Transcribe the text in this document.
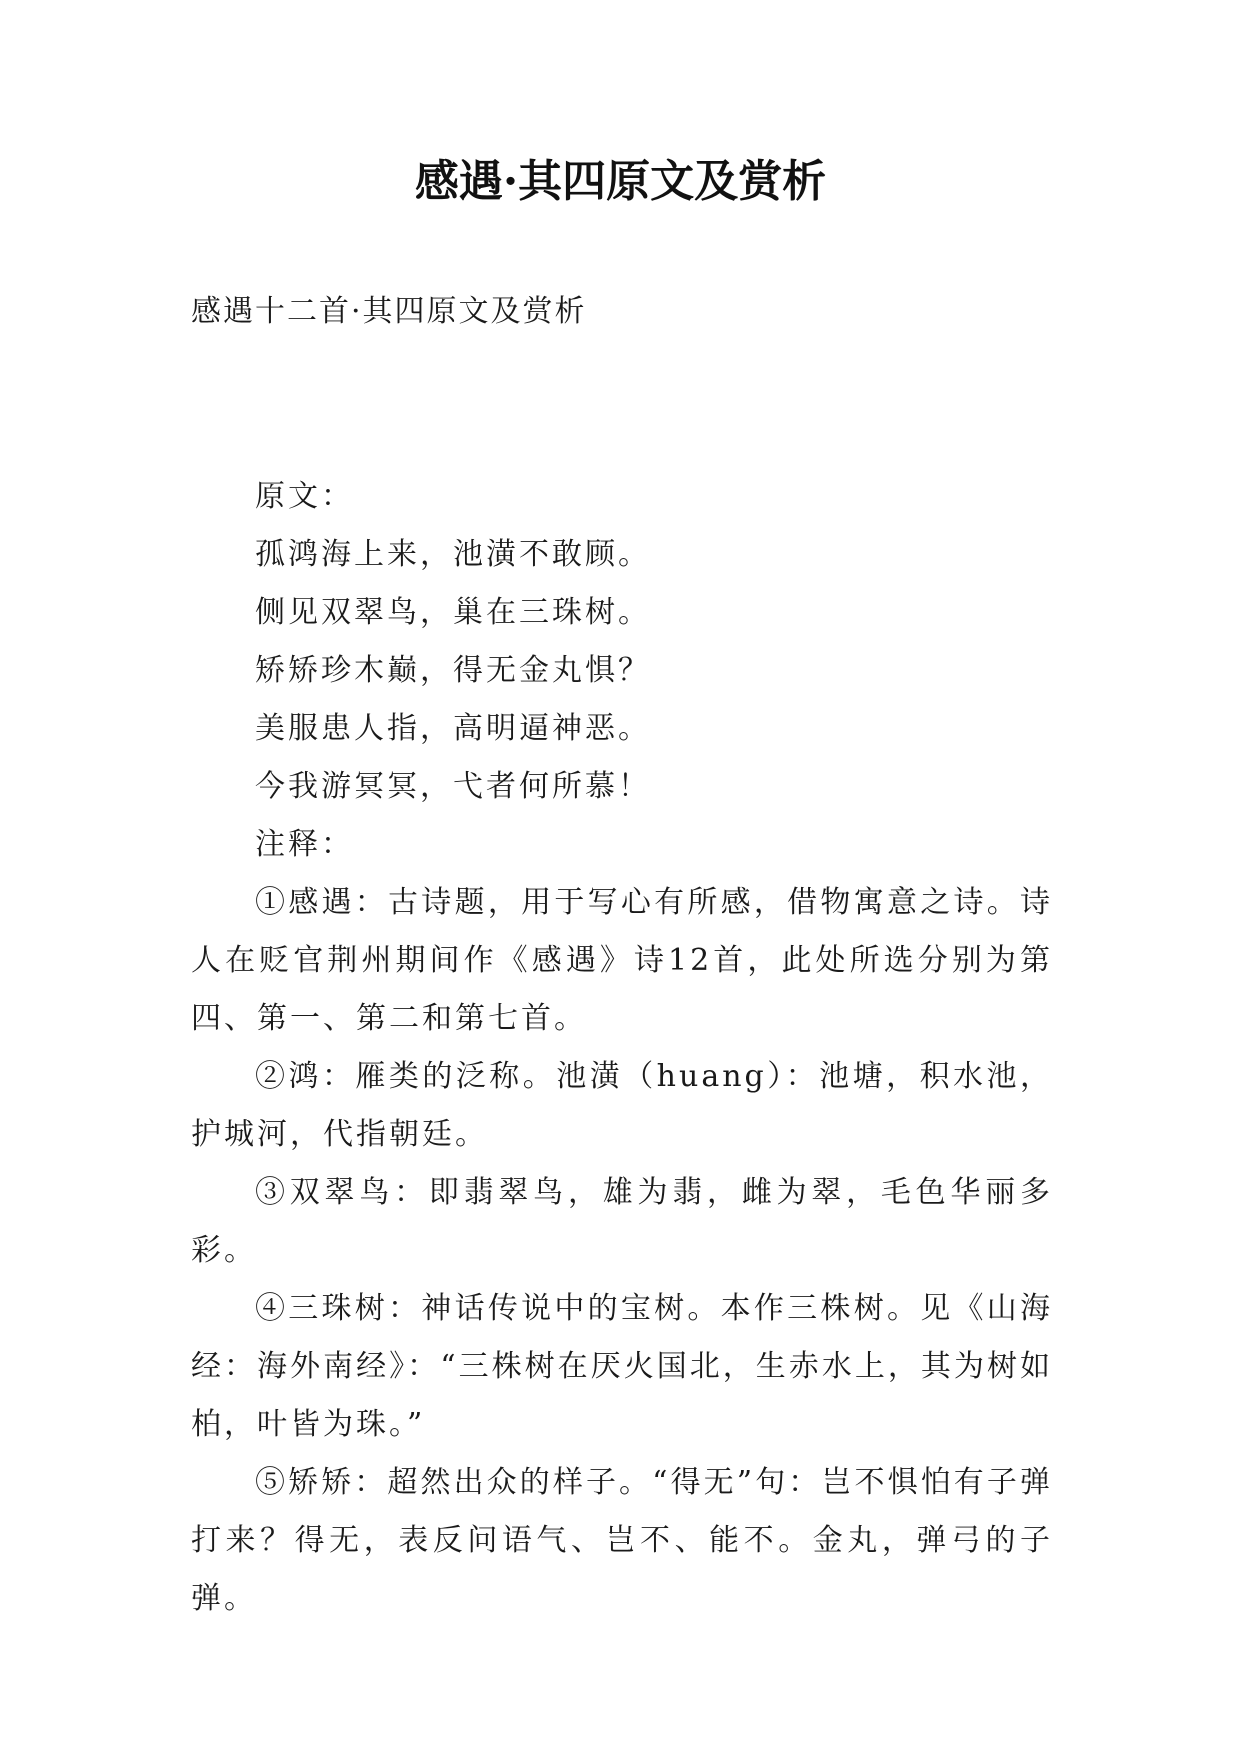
感遇·其四原文及赏析
感遇十二首·其四原文及赏析

原文：

孤鸿海上来，池潢不敢顾。

侧见双翠鸟，巢在三珠树。

矫矫珍木巅，得无金丸惧？

美服患人指，高明逼神恶。

今我游冥冥，弋者何所慕！

注释：

①感遇：古诗题，用于写心有所感，借物寓意之诗。诗人在贬官荆州期间作《感遇》诗12首，此处所选分别为第四、第一、第二和第七首。

②鸿：雁类的泛称。池潢（huang）：池塘，积水池，护城河，代指朝廷。

③双翠鸟：即翡翠鸟，雄为翡，雌为翠，毛色华丽多彩。

④三珠树：神话传说中的宝树。本作三株树。见《山海经：海外南经》：“三株树在厌火国北，生赤水上，其为树如柏，叶皆为珠。”

⑤矫矫：超然出众的样子。“得无”句：岂不惧怕有子弹打来？得无，表反问语气、岂不、能不。金丸，弹弓的子弹。
